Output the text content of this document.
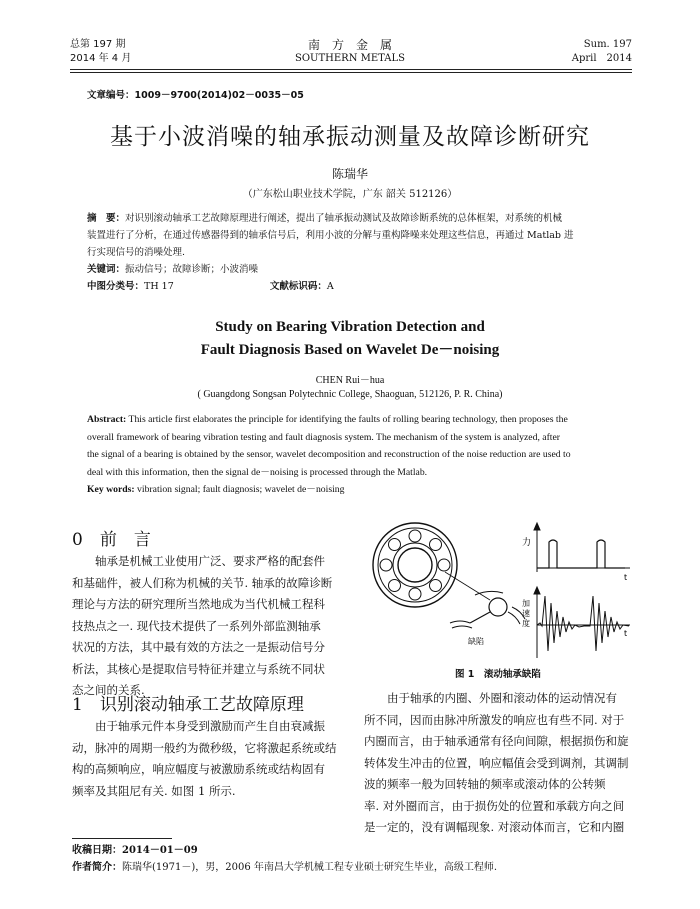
总第 197 期
2014 年 4 月
南　方　金　属
SOUTHERN METALS
Sum. 197
April　2014
文章编号：1009－9700(2014)02－0035－05
基于小波消噪的轴承振动测量及故障诊断研究
陈瑞华
（广东松山职业技术学院，广东 韶关 512126）
摘　要：对识别滚动轴承工艺故障原理进行阐述，提出了轴承振动测试及故障诊断系统的总体框架，对系统的机械
装置进行了分析，在通过传感器得到的轴承信号后，利用小波的分解与重构降噪来处理这些信息，再通过 Matlab 进
行实现信号的消噪处理.
关键词：振动信号；故障诊断；小波消噪
中图分类号：TH 17	文献标识码：A
Study on Bearing Vibration Detection and
Fault Diagnosis Based on Wavelet De－noising
CHEN Rui－hua
( Guangdong Songsan Polytechnic College, Shaoguan, 512126, P. R. China)
Abstract: This article first elaborates the principle for identifying the faults of rolling bearing technology, then proposes the
overall framework of bearing vibration testing and fault diagnosis system. The mechanism of the system is analyzed, after
the signal of a bearing is obtained by the sensor, wavelet decomposition and reconstruction of the noise reduction are used to
deal with this information, then the signal de－noising is processed through the Matlab.
Key words: vibration signal; fault diagnosis; wavelet de－noising
0　前　言
　　轴承是机械工业使用广泛、要求严格的配套件
和基础件，被人们称为机械的关节. 轴承的故障诊断
理论与方法的研究理所当然地成为当代机械工程科
技热点之一. 现代技术提供了一系列外部监测轴承
状况的方法，其中最有效的方法之一是振动信号分
析法，其核心是提取信号特征并建立与系统不同状
态之间的关系.
1　识别滚动轴承工艺故障原理
　　由于轴承元件本身受到激励而产生自由衰减振
动，脉冲的周期一般约为微秒级，它将激起系统或结
构的高频响应，响应幅度与被激励系统或结构固有
频率及其阻尼有关. 如图 1 所示.
缺陷
力
t
加
速
度
t
图 1　滚动轴承缺陷
　　由于轴承的内圈、外圈和滚动体的运动情况有
所不同，因而由脉冲所激发的响应也有些不同. 对于
内圈而言，由于轴承通常有径向间隙，根据损伤和旋
转体发生冲击的位置，响应幅值会受到调剂，其调制
波的频率一般为回转轴的频率或滚动体的公转频
率. 对外圈而言，由于损伤处的位置和承载方向之间
是一定的，没有调幅现象. 对滚动体而言，它和内圈
收稿日期：2014－01－09
作者简介：陈瑞华(1971－)，男，2006 年南昌大学机械工程专业硕士研究生毕业，高级工程师.
